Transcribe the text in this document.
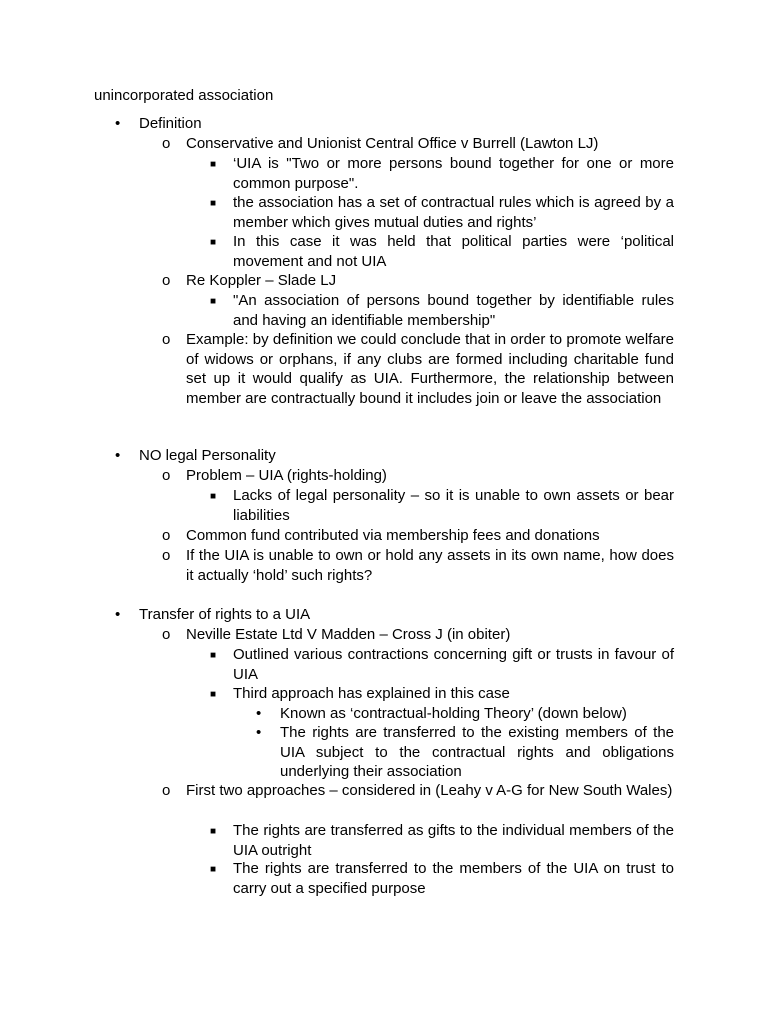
unincorporated association
• Definition
o Conservative and Unionist Central Office v Burrell (Lawton LJ)
■ ‘UIA is "Two or more persons bound together for one or more common purpose".
■ the association has a set of contractual rules which is agreed by a member which gives mutual duties and rights’
■ In this case it was held that political parties were ‘political movement and not UIA
o Re Koppler – Slade LJ
■ "An association of persons bound together by identifiable rules and having an identifiable membership"
o Example: by definition we could conclude that in order to promote welfare of widows or orphans, if any clubs are formed including charitable fund set up it would qualify as UIA. Furthermore, the relationship between member are contractually bound it includes join or leave the association
• NO legal Personality
o Problem – UIA (rights-holding)
■ Lacks of legal personality – so it is unable to own assets or bear liabilities
o Common fund contributed via membership fees and donations
o If the UIA is unable to own or hold any assets in its own name, how does it actually ‘hold’ such rights?
• Transfer of rights to a UIA
o Neville Estate Ltd V Madden – Cross J (in obiter)
■ Outlined various contractions concerning gift or trusts in favour of UIA
■ Third approach has explained in this case
• Known as ‘contractual-holding Theory’ (down below)
• The rights are transferred to the existing members of the UIA subject to the contractual rights and obligations underlying their association
o First two approaches – considered in (Leahy v A-G for New South Wales)
■ The rights are transferred as gifts to the individual members of the UIA outright
■ The rights are transferred to the members of the UIA on trust to carry out a specified purpose
